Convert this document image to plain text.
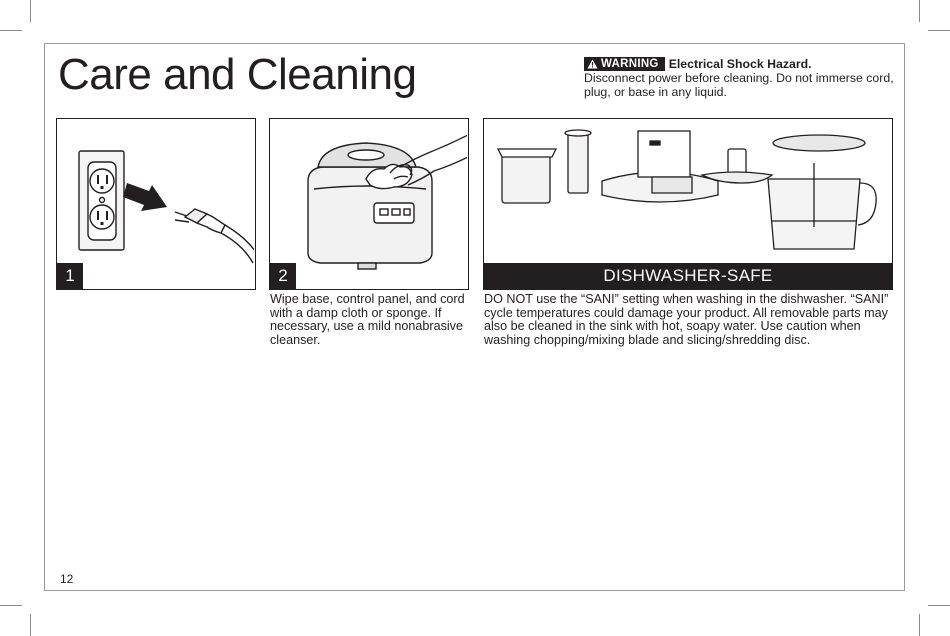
Care and Cleaning	WARNING Electrical Shock Hazard.
Disconnect power before cleaning. Do not immerse cord, plug, or base in any liquid.
1	2	DISHWASHER-SAFE
Wipe base, control panel, and cord with a damp cloth or sponge. If necessary, use a mild nonabrasive cleanser.
DO NOT use the “SANI” setting when washing in the dishwasher. “SANI” cycle temperatures could damage your product. All removable parts may also be cleaned in the sink with hot, soapy water. Use caution when washing chopping/mixing blade and slicing/shredding disc.
12
